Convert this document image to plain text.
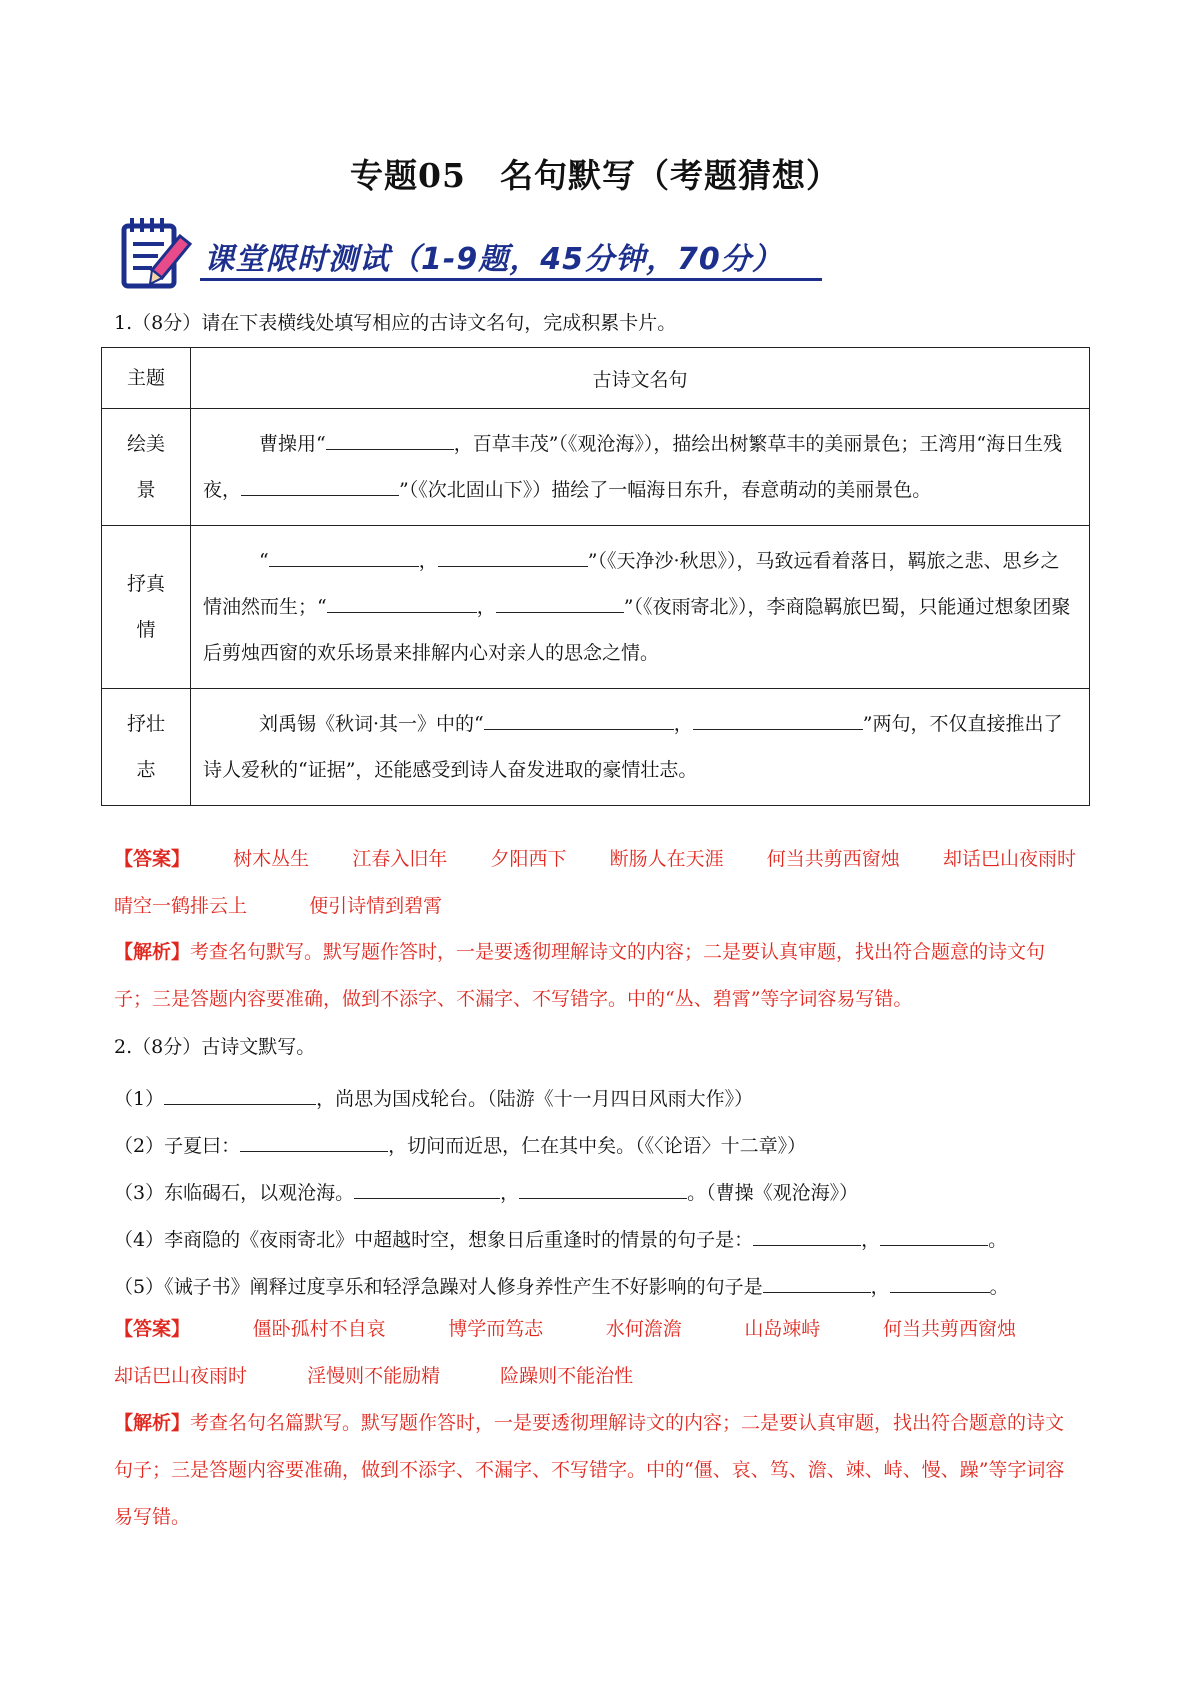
专题05　名句默写（考题猜想）
课堂限时测试（1-9题，45分钟，70分）
1.（8分）请在下表横线处填写相应的古诗文名句，完成积累卡片。
主题	古诗文名句
绘美景	曹操用“ ，百草丰茂”（《观沧海》），描绘出树繁草丰的美丽景色；王湾用“海日生残夜， ”（《次北固山下》）描绘了一幅海日东升，春意萌动的美丽景色。
抒真情	“ ， ”（《天净沙·秋思》），马致远看着落日，羁旅之悲、思乡之情油然而生；“ ， ”（《夜雨寄北》），李商隐羁旅巴蜀，只能通过想象团聚后剪烛西窗的欢乐场景来排解内心对亲人的思念之情。
抒壮志	刘禹锡《秋词·其一》中的“ ， ”两句，不仅直接推出了诗人爱秋的“证据”，还能感受到诗人奋发进取的豪情壮志。
【答案】 树木丛生 江春入旧年 夕阳西下 断肠人在天涯 何当共剪西窗烛 却话巴山夜雨时
晴空一鹤排云上	便引诗情到碧霄
【解析】考查名句默写。默写题作答时，一是要透彻理解诗文的内容；二是要认真审题，找出符合题意的诗文句子；三是答题内容要准确，做到不添字、不漏字、不写错字。中的“丛、碧霄”等字词容易写错。
2.（8分）古诗文默写。
（1）	，尚思为国戍轮台。（陆游《十一月四日风雨大作》）
（2）子夏曰：	，切问而近思，仁在其中矣。（《〈论语〉十二章》）
（3）东临碣石，以观沧海。	，	。（曹操《观沧海》）
（4）李商隐的《夜雨寄北》中超越时空，想象日后重逢时的情景的句子是：	，	。
（5）《诫子书》阐释过度享乐和轻浮急躁对人修身养性产生不好影响的句子是	，	。
【答案】	僵卧孤村不自哀	博学而笃志	水何澹澹	山岛竦峙	何当共剪西窗烛
却话巴山夜雨时	淫慢则不能励精	险躁则不能治性
【解析】考查名句名篇默写。默写题作答时，一是要透彻理解诗文的内容；二是要认真审题，找出符合题意的诗文句子；三是答题内容要准确，做到不添字、不漏字、不写错字。中的“僵、哀、笃、澹、竦、峙、慢、躁”等字词容易写错。
